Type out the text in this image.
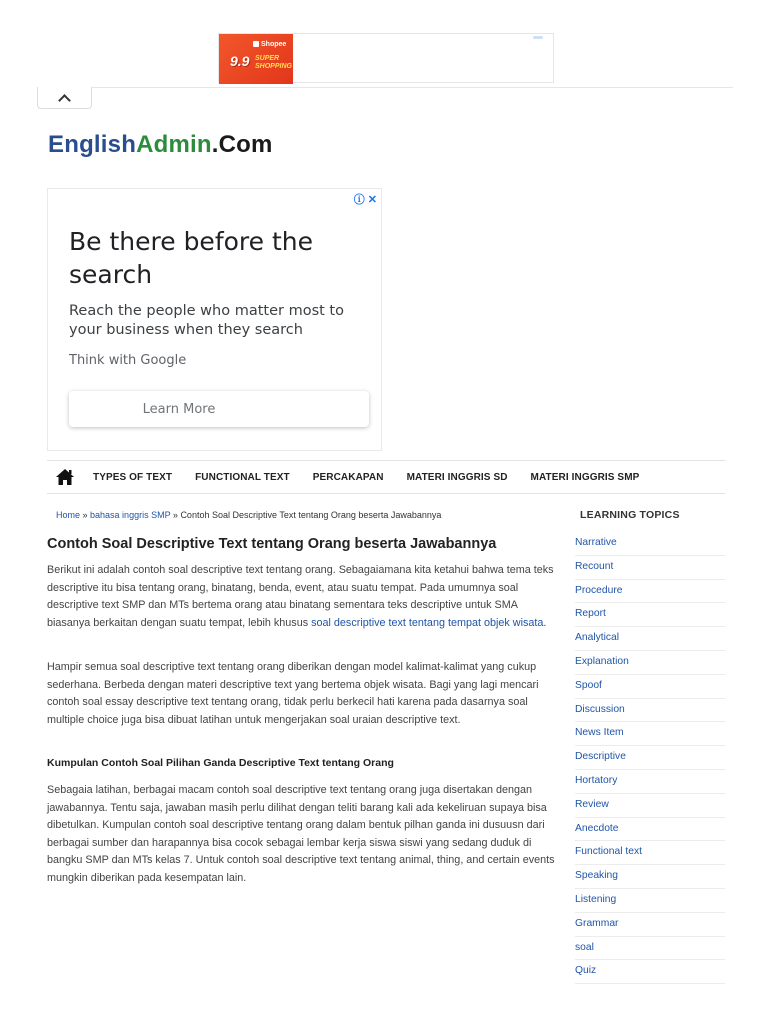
Shopee
9.9 SUPER
SHOPPING
EnglishAdmin.Com
ⓘ ✕
Be there before the
search
Reach the people who matter most to
your business when they search
Think with Google
Learn More
TYPES OF TEXT FUNCTIONAL TEXT PERCAKAPAN MATERI INGGRIS SD MATERI INGGRIS SMP
Home » bahasa inggris SMP » Contoh Soal Descriptive Text tentang Orang beserta Jawabannya
Contoh Soal Descriptive Text tentang Orang beserta Jawabannya

Berikut ini adalah contoh soal descriptive text tentang orang. Sebagaiamana kita ketahui bahwa tema teks descriptive itu bisa tentang orang, binatang, benda, event, atau suatu tempat. Pada umumnya soal descriptive text SMP dan MTs bertema orang atau binatang sementara teks descriptive untuk SMA biasanya berkaitan dengan suatu tempat, lebih khusus soal descriptive text tentang tempat objek wisata.

Hampir semua soal descriptive text tentang orang diberikan dengan model kalimat-kalimat yang cukup sederhana. Berbeda dengan materi descriptive text yang bertema objek wisata. Bagi yang lagi mencari contoh soal essay descriptive text tentang orang, tidak perlu berkecil hati karena pada dasarnya soal multiple choice juga bisa dibuat latihan untuk mengerjakan soal uraian descriptive text.

Kumpulan Contoh Soal Pilihan Ganda Descriptive Text tentang Orang

Sebagaia latihan, berbagai macam contoh soal descriptive text tentang orang juga disertakan dengan jawabannya. Tentu saja, jawaban masih perlu dilihat dengan teliti barang kali ada kekeliruan supaya bisa dibetulkan. Kumpulan contoh soal descriptive tentang orang dalam bentuk pilhan ganda ini dusuusn dari berbagai sumber dan harapannya bisa cocok sebagai lembar kerja siswa siswi yang sedang duduk di bangku SMP dan MTs kelas 7. Untuk contoh soal descriptive text tentang animal, thing, and certain events mungkin diberikan pada kesempatan lain.

LEARNING TOPICS
Narrative
Recount
Procedure
Report
Analytical
Explanation
Spoof
Discussion
News Item
Descriptive
Hortatory
Review
Anecdote
Functional text
Speaking
Listening
Grammar
soal
Quiz
